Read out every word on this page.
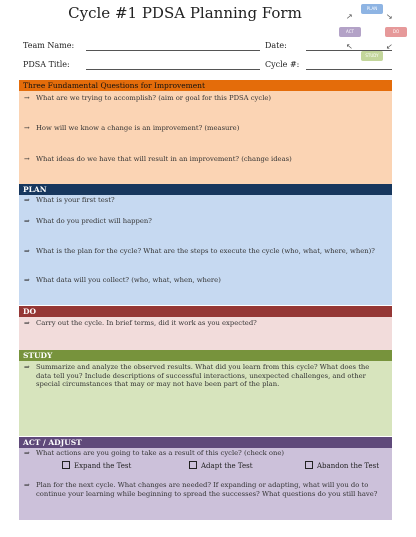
Cycle #1 PDSA Planning Form	PLAN
DO
STUDY
ACT
→
→
→
→
Team Name:	Date:
PDSA Title:	Cycle #:
Three Fundamental Questions for Improvement
→ What are we trying to accomplish? (aim or goal for this PDSA cycle)
→ How will we know a change is an improvement? (measure)
→ What ideas do we have that will result in an improvement? (change ideas)
PLAN
⇒ What is your first test?
⇒ What do you predict will happen?
⇒ What is the plan for the cycle? What are the steps to execute the cycle (who, what, where, when)?
⇒ What data will you collect? (who, what, when, where)
DO
⇒ Carry out the cycle. In brief terms, did it work as you expected?
STUDY
⇒ Summarize and analyze the observed results. What did you learn from this cycle? What does the data tell you? Include descriptions of successful interactions, unexpected challenges, and other special circumstances that may or may not have been part of the plan.
ACT / ADJUST
⇒ What actions are you going to take as a result of this cycle? (check one)
Expand the Test	Adapt the Test	Abandon the Test
⇒ Plan for the next cycle. What changes are needed? If expanding or adapting, what will you do to continue your learning while beginning to spread the successes? What questions do you still have?
